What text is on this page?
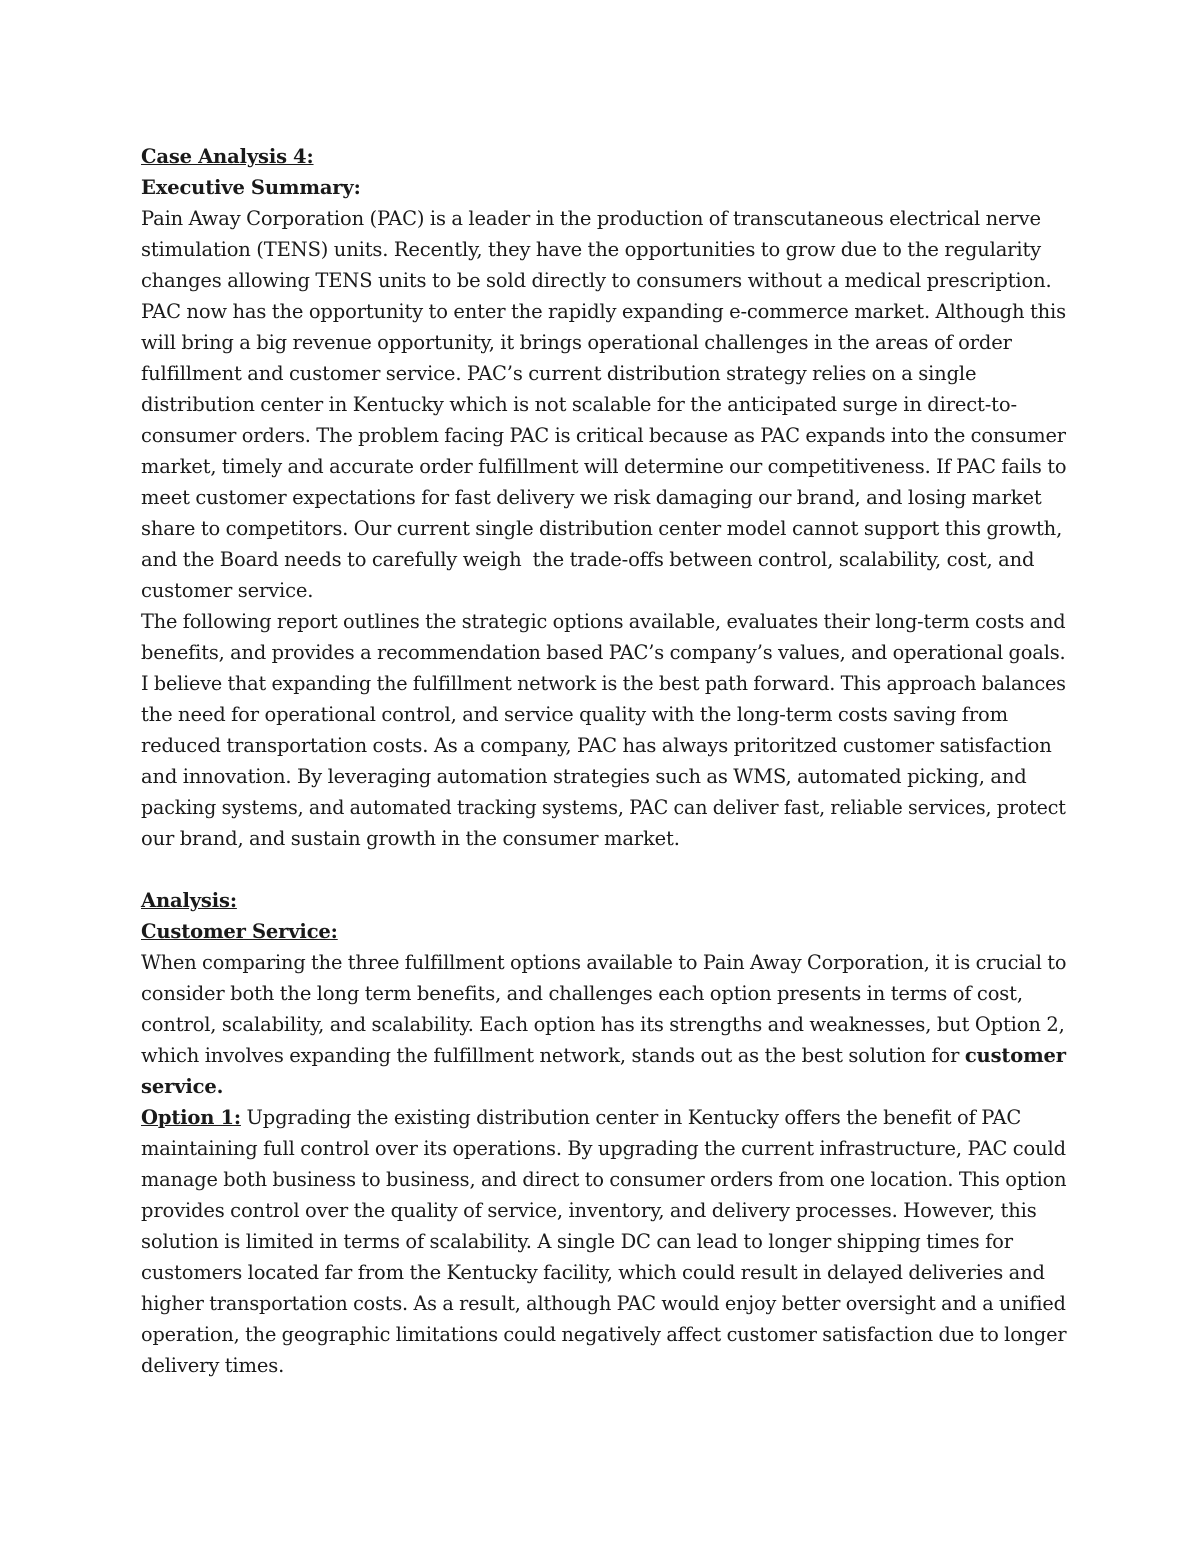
Case Analysis 4:
Executive Summary:
Pain Away Corporation (PAC) is a leader in the production of transcutaneous electrical nerve
stimulation (TENS) units. Recently, they have the opportunities to grow due to the regularity
changes allowing TENS units to be sold directly to consumers without a medical prescription.
PAC now has the opportunity to enter the rapidly expanding e-commerce market. Although this
will bring a big revenue opportunity, it brings operational challenges in the areas of order
fulfillment and customer service. PAC’s current distribution strategy relies on a single
distribution center in Kentucky which is not scalable for the anticipated surge in direct-to-
consumer orders. The problem facing PAC is critical because as PAC expands into the consumer
market, timely and accurate order fulfillment will determine our competitiveness. If PAC fails to
meet customer expectations for fast delivery we risk damaging our brand, and losing market
share to competitors. Our current single distribution center model cannot support this growth,
and the Board needs to carefully weigh  the trade-offs between control, scalability, cost, and
customer service.
The following report outlines the strategic options available, evaluates their long-term costs and
benefits, and provides a recommendation based PAC’s company’s values, and operational goals.
I believe that expanding the fulfillment network is the best path forward. This approach balances
the need for operational control, and service quality with the long-term costs saving from
reduced transportation costs. As a company, PAC has always pritoritzed customer satisfaction
and innovation. By leveraging automation strategies such as WMS, automated picking, and
packing systems, and automated tracking systems, PAC can deliver fast, reliable services, protect
our brand, and sustain growth in the consumer market.
Analysis:
Customer Service:
When comparing the three fulfillment options available to Pain Away Corporation, it is crucial to
consider both the long term benefits, and challenges each option presents in terms of cost,
control, scalability, and scalability. Each option has its strengths and weaknesses, but Option 2,
which involves expanding the fulfillment network, stands out as the best solution for customer
service.
Option 1: Upgrading the existing distribution center in Kentucky offers the benefit of PAC
maintaining full control over its operations. By upgrading the current infrastructure, PAC could
manage both business to business, and direct to consumer orders from one location. This option
provides control over the quality of service, inventory, and delivery processes. However, this
solution is limited in terms of scalability. A single DC can lead to longer shipping times for
customers located far from the Kentucky facility, which could result in delayed deliveries and
higher transportation costs. As a result, although PAC would enjoy better oversight and a unified
operation, the geographic limitations could negatively affect customer satisfaction due to longer
delivery times.
